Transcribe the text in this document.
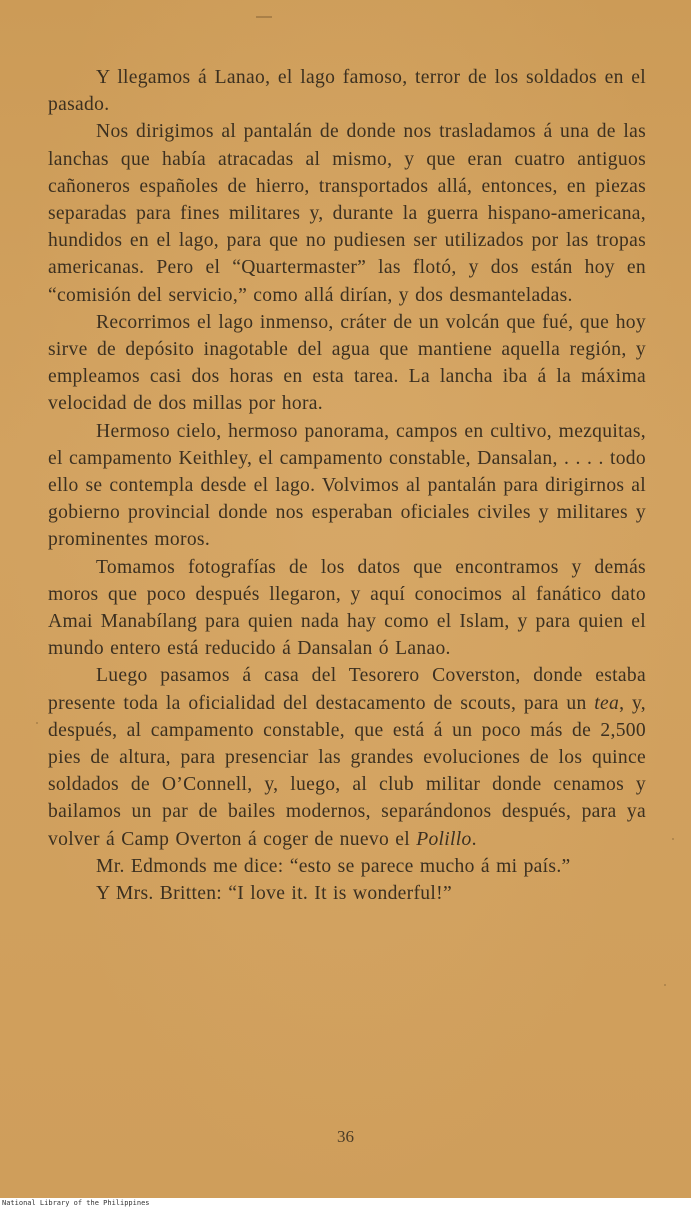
Y llegamos á Lanao, el lago famoso, terror de los soldados en el pasado.

Nos dirigimos al pantalán de donde nos trasladamos á una de las lanchas que había atracadas al mismo, y que eran cuatro antiguos cañoneros españoles de hierro, transportados allá, entonces, en piezas separadas para fines militares y, durante la guerra hispano-americana, hundidos en el lago, para que no pudiesen ser utilizados por las tropas americanas. Pero el “Quartermaster” las flotó, y dos están hoy en “comisión del servicio,” como allá dirían, y dos desmanteladas.

Recorrimos el lago inmenso, cráter de un volcán que fué, que hoy sirve de depósito inagotable del agua que mantiene aquella región, y empleamos casi dos horas en esta tarea. La lancha iba á la máxima velocidad de dos millas por hora.

Hermoso cielo, hermoso panorama, campos en cultivo, mezquitas, el campamento Keithley, el campamento constable, Dansalan, . . . . todo ello se contempla desde el lago. Volvimos al pantalán para dirigirnos al gobierno provincial donde nos esperaban oficiales civiles y militares y prominentes moros.

Tomamos fotografías de los datos que encontramos y demás moros que poco después llegaron, y aquí conocimos al fanático dato Amai Manabílang para quien nada hay como el Islam, y para quien el mundo entero está reducido á Dansalan ó Lanao.

Luego pasamos á casa del Tesorero Coverston, donde estaba presente toda la oficialidad del destacamento de scouts, para un tea, y, después, al campamento constable, que está á un poco más de 2,500 pies de altura, para presenciar las grandes evoluciones de los quince soldados de O’Connell, y, luego, al club militar donde cenamos y bailamos un par de bailes modernos, separándonos después, para ya volver á Camp Overton á coger de nuevo el Polillo.

Mr. Edmonds me dice: “esto se parece mucho á mi país.”

Y Mrs. Britten: “I love it. It is wonderful!”

36
National Library of the Philippines
